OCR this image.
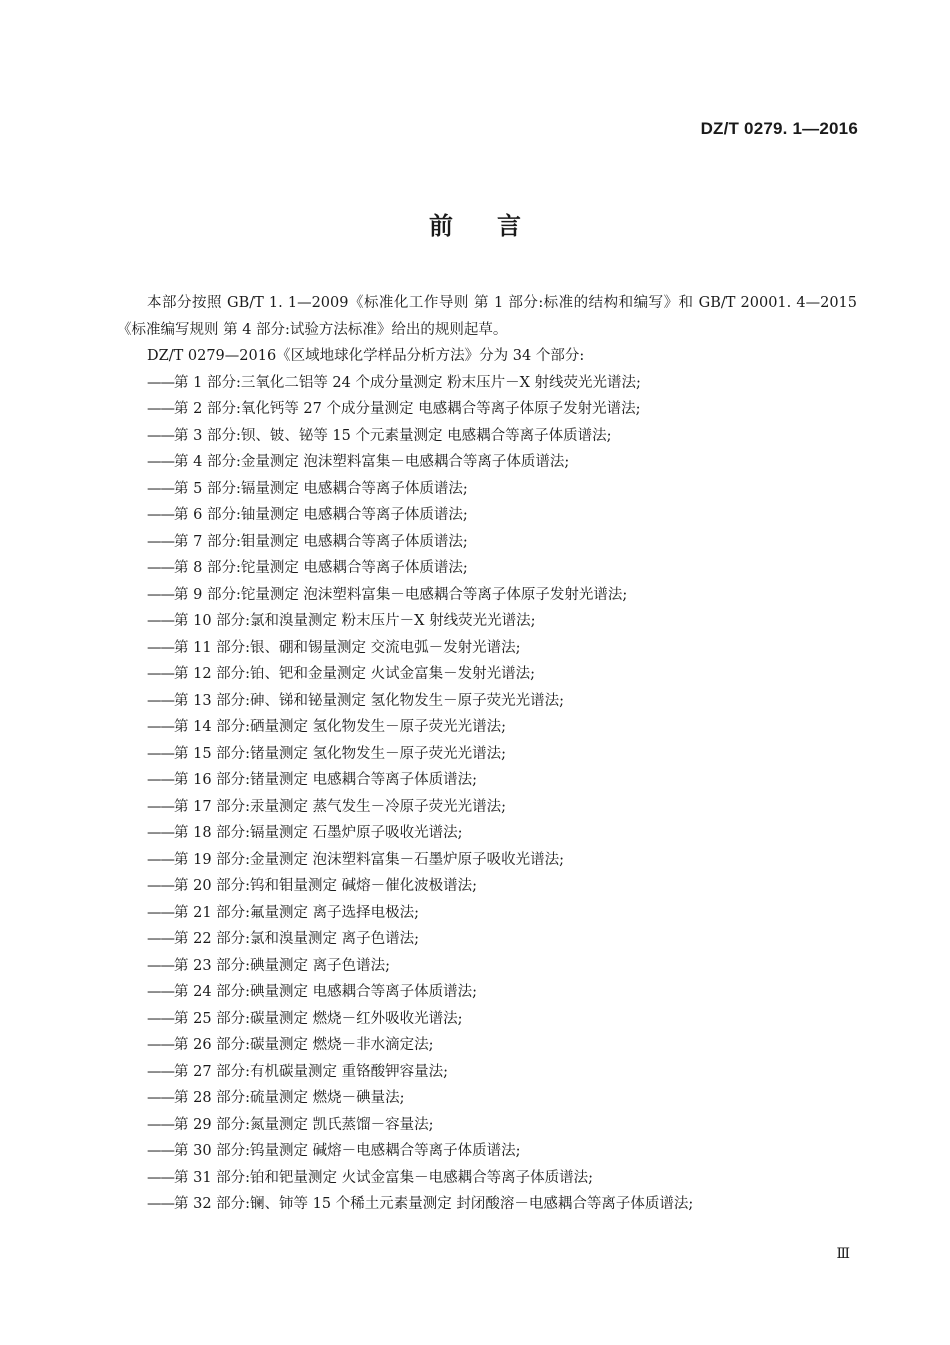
DZ/T 0279. 1—2016
前言

本部分按照 GB/T 1. 1—2009《标准化工作导则 第 1 部分:标准的结构和编写》和 GB/T 20001. 4—2015《标准编写规则 第 4 部分:试验方法标准》给出的规则起草。

DZ/T 0279—2016《区域地球化学样品分析方法》分为 34 个部分:

——第 1 部分:三氧化二铝等 24 个成分量测定 粉末压片－X 射线荧光光谱法;
——第 2 部分:氧化钙等 27 个成分量测定 电感耦合等离子体原子发射光谱法;
——第 3 部分:钡、铍、铋等 15 个元素量测定 电感耦合等离子体质谱法;
——第 4 部分:金量测定 泡沫塑料富集－电感耦合等离子体质谱法;
——第 5 部分:镉量测定 电感耦合等离子体质谱法;
——第 6 部分:铀量测定 电感耦合等离子体质谱法;
——第 7 部分:钼量测定 电感耦合等离子体质谱法;
——第 8 部分:铊量测定 电感耦合等离子体质谱法;
——第 9 部分:铊量测定 泡沫塑料富集－电感耦合等离子体原子发射光谱法;
——第 10 部分:氯和溴量测定 粉末压片－X 射线荧光光谱法;
——第 11 部分:银、硼和锡量测定 交流电弧－发射光谱法;
——第 12 部分:铂、钯和金量测定 火试金富集－发射光谱法;
——第 13 部分:砷、锑和铋量测定 氢化物发生－原子荧光光谱法;
——第 14 部分:硒量测定 氢化物发生－原子荧光光谱法;
——第 15 部分:锗量测定 氢化物发生－原子荧光光谱法;
——第 16 部分:锗量测定 电感耦合等离子体质谱法;
——第 17 部分:汞量测定 蒸气发生－冷原子荧光光谱法;
——第 18 部分:镉量测定 石墨炉原子吸收光谱法;
——第 19 部分:金量测定 泡沫塑料富集－石墨炉原子吸收光谱法;
——第 20 部分:钨和钼量测定 碱熔－催化波极谱法;
——第 21 部分:氟量测定 离子选择电极法;
——第 22 部分:氯和溴量测定 离子色谱法;
——第 23 部分:碘量测定 离子色谱法;
——第 24 部分:碘量测定 电感耦合等离子体质谱法;
——第 25 部分:碳量测定 燃烧－红外吸收光谱法;
——第 26 部分:碳量测定 燃烧－非水滴定法;
——第 27 部分:有机碳量测定 重铬酸钾容量法;
——第 28 部分:硫量测定 燃烧－碘量法;
——第 29 部分:氮量测定 凯氏蒸馏－容量法;
——第 30 部分:钨量测定 碱熔－电感耦合等离子体质谱法;
——第 31 部分:铂和钯量测定 火试金富集－电感耦合等离子体质谱法;
——第 32 部分:镧、铈等 15 个稀土元素量测定 封闭酸溶－电感耦合等离子体质谱法;
Ⅲ
